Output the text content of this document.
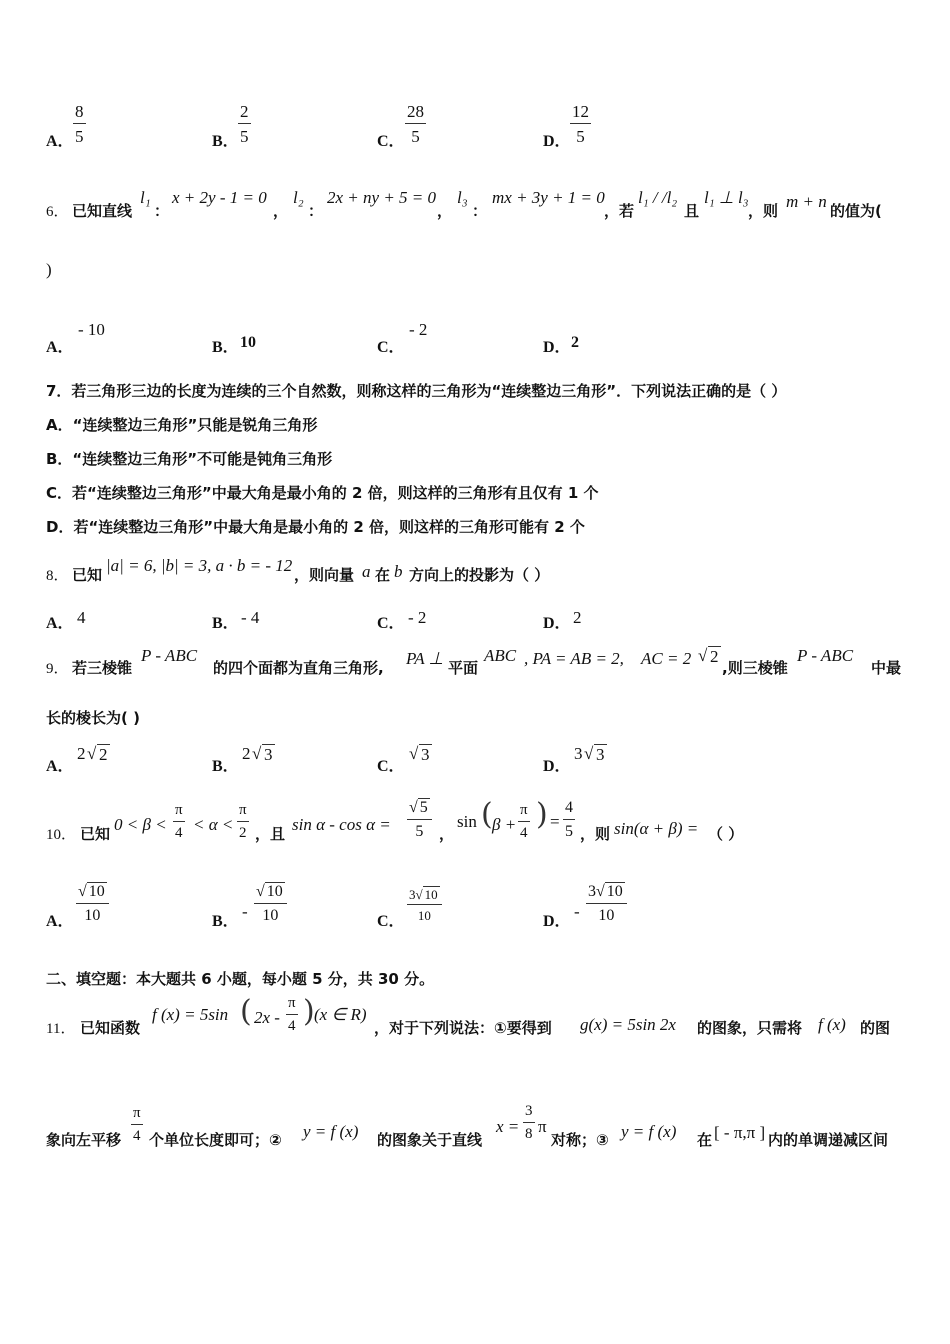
A． $\frac{8}{5}$	B． $\frac{2}{5}$	C． $\frac{28}{5}$	D． $\frac{12}{5}$
6． 已知直线
l₁
：
x + 2y - 1 = 0
，
l₂
：
2x + ny + 5 = 0
，
l₃
：
mx + 3y + 1 = 0
，若
l₁ / /l₂
且
l₁ ⊥ l₃
，则 m + n 的值为(
)
A．
- 10
B． 10	C．
- 2
D． 2
7．若三角形三边的长度为连续的三个自然数，则称这样的三角形为“连续整边三角形”．下列说法正确的是（ ）
A．“连续整边三角形”只能是锐角三角形
B．“连续整边三角形”不可能是钝角三角形
C．若“连续整边三角形”中最大角是最小角的 2 倍，则这样的三角形有且仅有 1 个
D．若“连续整边三角形”中最大角是最小角的 2 倍，则这样的三角形可能有 2 个
8． 已知 |a| = 6, |b| = 3, a · b = - 12 ，则向量 a 在 b 方向上的投影为（ ）
A． 4	B． - 4	C． - 2	D． 2
9． 若三棱锥
P - ABC
的四个面都为直角三角形, PA ⊥ 平面
ABC , PA = AB = 2, AC = 2 √ 2
,则三棱锥
P - ABC
中最
长的棱长为( )
A．
2 √ 2
B．
2 √ 3
C．
√ 3
D．
3 √ 3
10． 已知 $0 < \beta < \frac{\pi}{4} < \alpha < \frac{\pi}{2}$ ，且 $\sin \alpha - \cos \alpha = \frac{√ 5}{5}$ ，
sin ( $\beta + \frac{\pi}{4}$ ) = $\frac{4}{5}$ ，则 sin(α + β) = （ ）
A． $\frac{√ 10}{10}$	B．
- $\frac{√ 10}{10}$	C． $\frac{3√ 10}{10}$	D．
- $\frac{3√ 10}{10}$
二、填空题：本大题共 6 小题，每小题 5 分，共 30 分。
11． 已知函数
f (x) = 5sin ( $2x - \frac{\pi}{4}$ ) (x ∈ R)
，对于下列说法：①要得到 g(x) = 5sin 2x 的图象，只需将 f (x) 的图
象向左平移 $\frac{\pi}{4}$ 个单位长度即可；② y = f (x) 的图象关于直线
$x = \frac{3}{8}$ π
对称；③ y = f (x) 在 [ - π,π ] 内的单调递减区间
